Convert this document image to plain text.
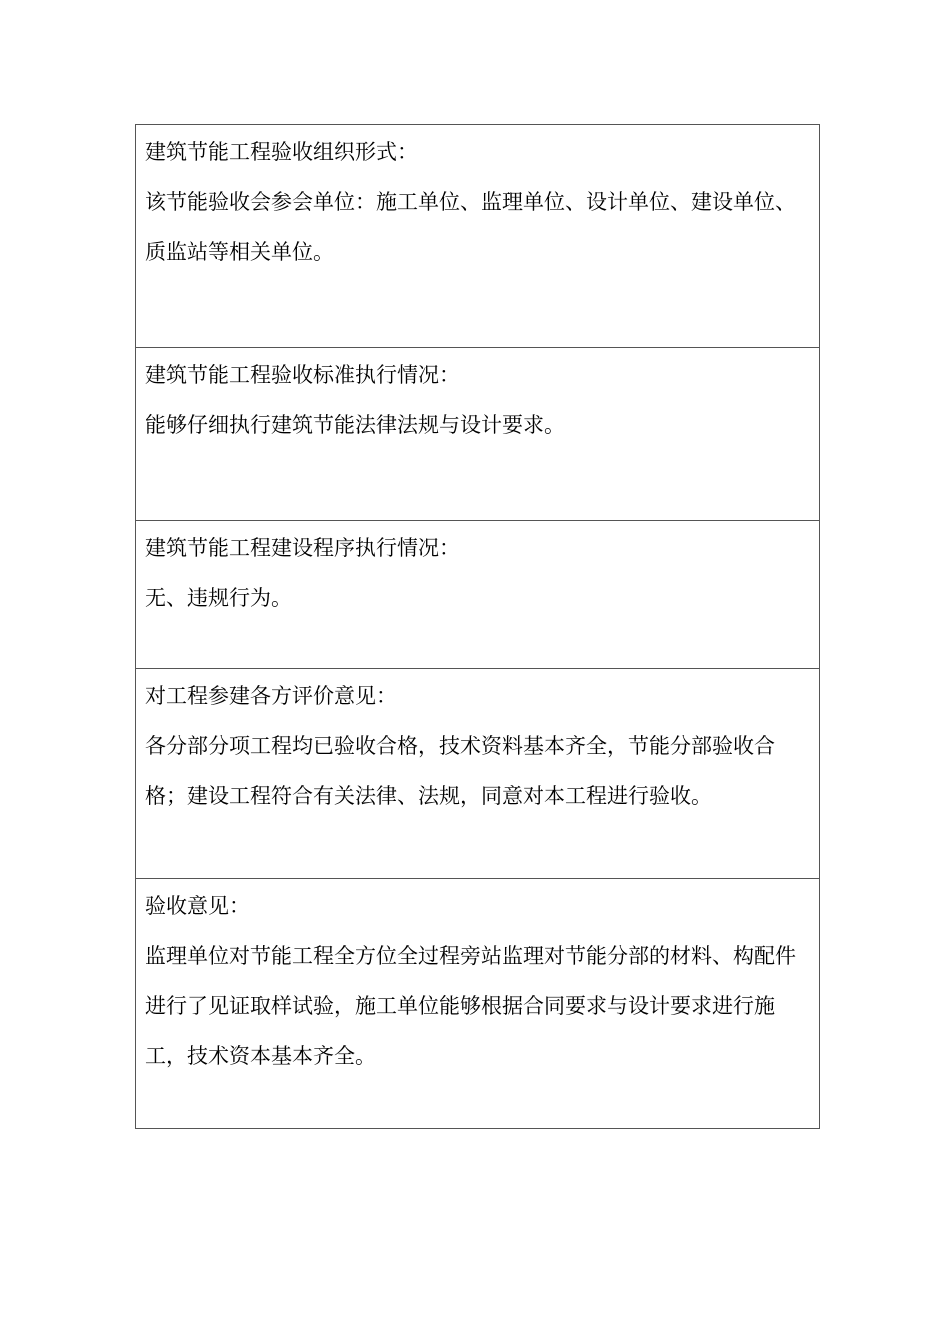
建筑节能工程验收组织形式：
该节能验收会参会单位：施工单位、监理单位、设计单位、建设单位、质监站等相关单位。
建筑节能工程验收标准执行情况：
能够仔细执行建筑节能法律法规与设计要求。
建筑节能工程建设程序执行情况：
无、违规行为。
对工程参建各方评价意见：
各分部分项工程均已验收合格，技术资料基本齐全，节能分部验收合格；建设工程符合有关法律、法规，同意对本工程进行验收。
验收意见：
监理单位对节能工程全方位全过程旁站监理对节能分部的材料、构配件进行了见证取样试验，施工单位能够根据合同要求与设计要求进行施工，技术资本基本齐全。
